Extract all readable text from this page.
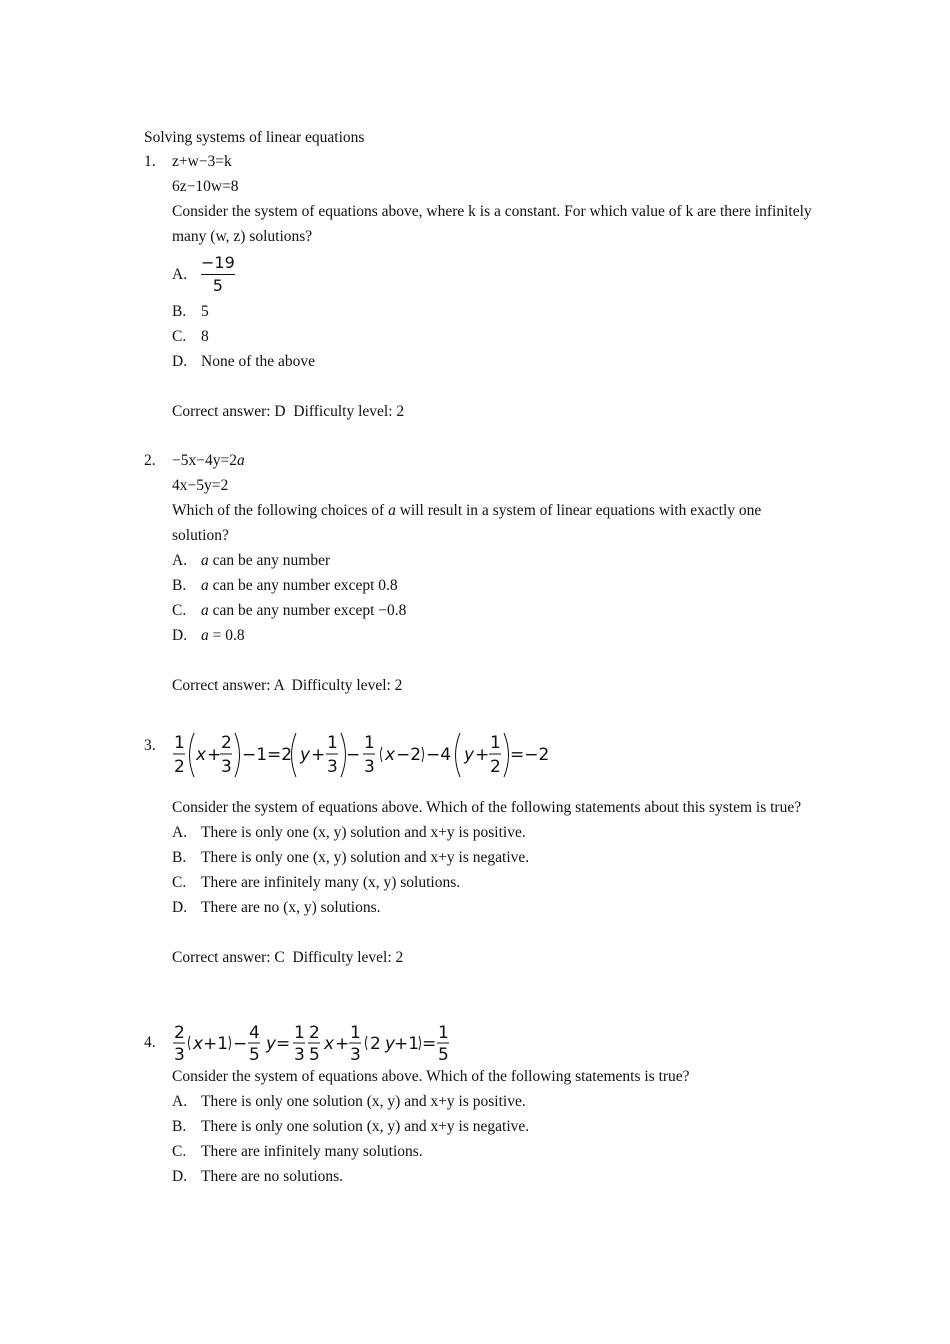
Solving systems of linear equations
1. z+w−3=k
6z−10w=8
Consider the system of equations above, where k is a constant. For which value of k are there infinitely many (w, z) solutions?
A. $\frac{-19}{5}$
B. 5
C. 8
D. None of the above
Correct answer: D  Difficulty level: 2
2. −5x−4y=2a
4x−5y=2
Which of the following choices of a will result in a system of linear equations with exactly one solution?
A. a can be any number
B. a can be any number except 0.8
C. a can be any number except −0.8
D. a = 0.8
Correct answer: A  Difficulty level: 2
3. 1
2
x +
2
3
−1=2 y +
1
3
−
1
3
x −2 −4 y +
1
2
=−2
Consider the system of equations above. Which of the following statements about this system is true?
A. There is only one (x, y) solution and x+y is positive.
B. There is only one (x, y) solution and x+y is negative.
C. There are infinitely many (x, y) solutions.
D. There are no (x, y) solutions.
Correct answer: C  Difficulty level: 2
4. 2
3
x +1 −
4
5
y =
1
3
2
5
x +
1
3
2 y
+1 =
1
5
Consider the system of equations above. Which of the following statements is true?
A. There is only one solution (x, y) and x+y is positive.
B. There is only one solution (x, y) and x+y is negative.
C. There are infinitely many solutions.
D. There are no solutions.
